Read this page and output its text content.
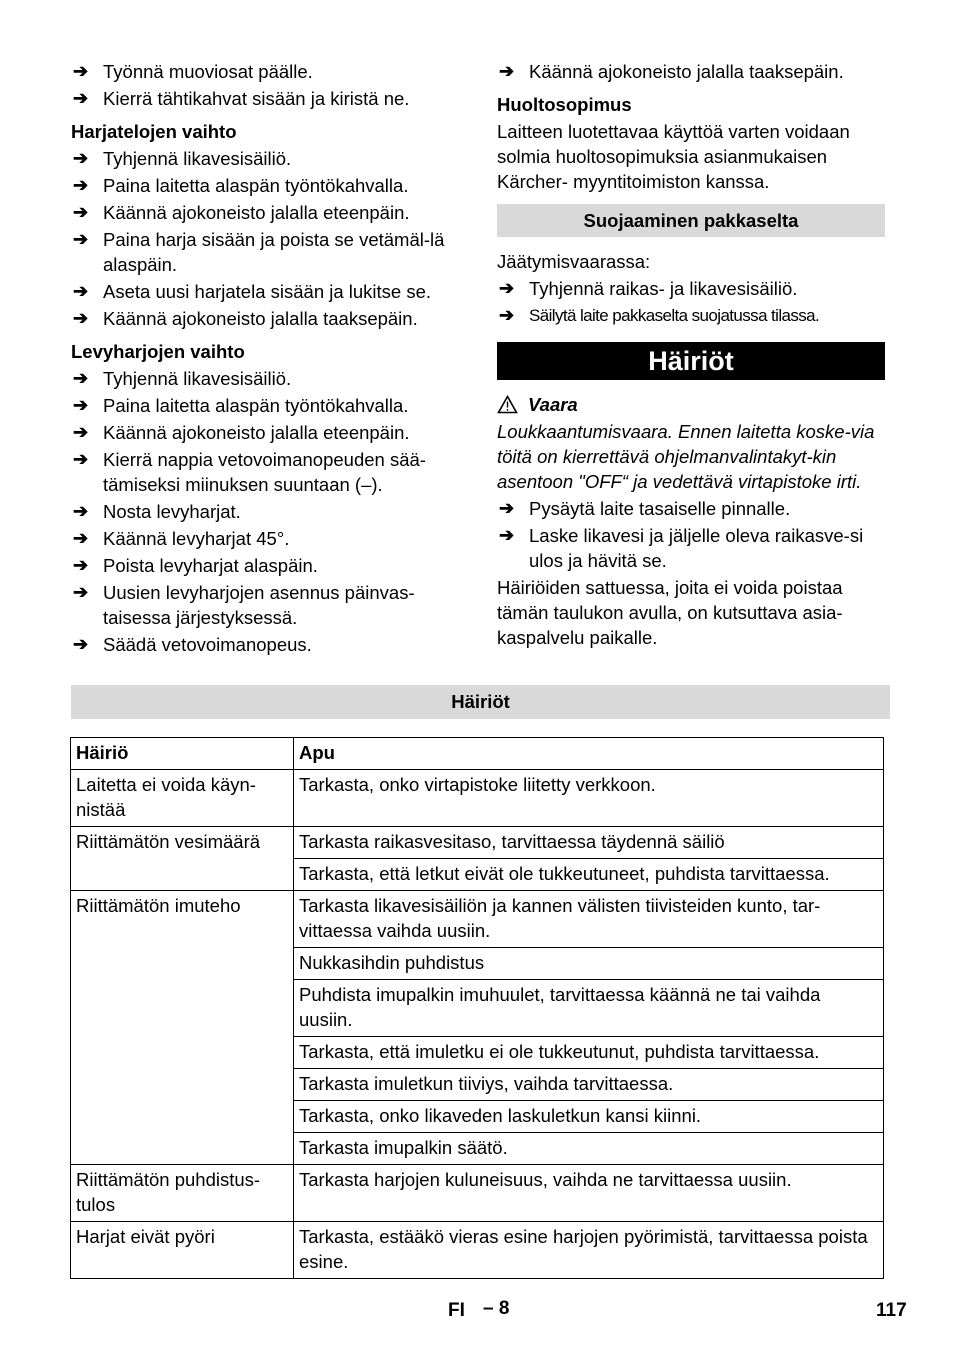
➔ Työnnä muoviosat päälle.
➔ Kierrä tähtikahvat sisään ja kiristä ne.
Harjatelojen vaihto
➔ Tyhjennä likavesisäiliö.
➔ Paina laitetta alaspän työntökahvalla.
➔ Käännä ajokoneisto jalalla eteenpäin.
➔ Paina harja sisään ja poista se vetämäl-lä alaspäin.
➔ Aseta uusi harjatela sisään ja lukitse se.
➔ Käännä ajokoneisto jalalla taaksepäin.
Levyharjojen vaihto
➔ Tyhjennä likavesisäiliö.
➔ Paina laitetta alaspän työntökahvalla.
➔ Käännä ajokoneisto jalalla eteenpäin.
➔ Kierrä nappia vetovoimanopeuden sää-tämiseksi miinuksen suuntaan (–).
➔ Nosta levyharjat.
➔ Käännä levyharjat 45°.
➔ Poista levyharjat alaspäin.
➔ Uusien levyharjojen asennus päinvas-taisessa järjestyksessä.
➔ Säädä vetovoimanopeus.
➔ Käännä ajokoneisto jalalla taaksepäin.
Huoltosopimus
Laitteen luotettavaa käyttöä varten voidaan solmia huoltosopimuksia asianmukaisen Kärcher- myyntitoimiston kanssa.
Suojaaminen pakkaselta
Jäätymisvaarassa:
➔ Tyhjennä raikas- ja likavesisäiliö.
➔ Säilytä laite pakkaselta suojatussa tilassa.
Häiriöt
Vaara
Loukkaantumisvaara. Ennen laitetta koske-via töitä on kierrettävä ohjelmanvalintakyt-kin asentoon "OFF“ ja vedettävä virtapistoke irti.
➔ Pysäytä laite tasaiselle pinnalle.
➔ Laske likavesi ja jäljelle oleva raikasve-si ulos ja hävitä se.
Häiriöiden sattuessa, joita ei voida poistaa tämän taulukon avulla, on kutsuttava asia-kaspalvelu paikalle.
Häiriöt
Häiriö	Apu
Laitetta ei voida käyn-nistää	Tarkasta, onko virtapistoke liitetty verkkoon.
Riittämätön vesimäärä	Tarkasta raikasvesitaso, tarvittaessa täydennä säiliö
	Tarkasta, että letkut eivät ole tukkeutuneet, puhdista tarvittaessa.
Riittämätön imuteho	Tarkasta likavesisäiliön ja kannen välisten tiivisteiden kunto, tar-vittaessa vaihda uusiin.
	Nukkasihdin puhdistus
	Puhdista imupalkin imuhuulet, tarvittaessa käännä ne tai vaihda uusiin.
	Tarkasta, että imuletku ei ole tukkeutunut, puhdista tarvittaessa.
	Tarkasta imuletkun tiiviys, vaihda tarvittaessa.
	Tarkasta, onko likaveden laskuletkun kansi kiinni.
	Tarkasta imupalkin säätö.
Riittämätön puhdistus-tulos	Tarkasta harjojen kuluneisuus, vaihda ne tarvittaessa uusiin.
Harjat eivät pyöri	Tarkasta, estääkö vieras esine harjojen pyörimistä, tarvittaessa poista esine.
FI – 8	117
